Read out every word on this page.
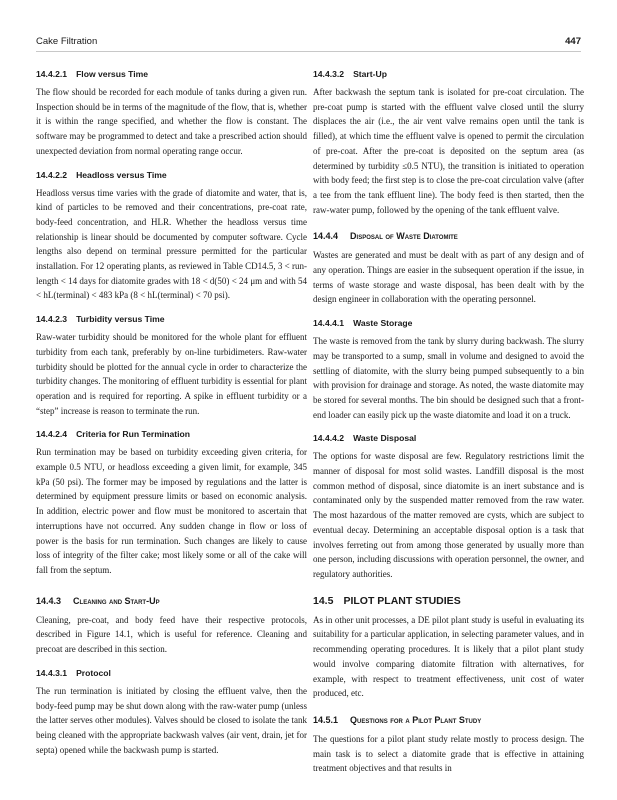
Cake Filtration	447
14.4.2.1 Flow versus Time

The flow should be recorded for each module of tanks during a given run. Inspection should be in terms of the magnitude of the flow, that is, whether it is within the range specified, and whether the flow is constant. The software may be programmed to detect and take a prescribed action should unexpected deviation from normal operating range occur.

14.4.2.2 Headloss versus Time

Headloss versus time varies with the grade of diatomite and water, that is, kind of particles to be removed and their concentrations, pre-coat rate, body-feed concentration, and HLR. Whether the headloss versus time relationship is linear should be documented by computer software. Cycle lengths also depend on terminal pressure permitted for the particular installation. For 12 operating plants, as reviewed in Table CD14.5, 3 < run-length < 14 days for diatomite grades with 18 < d(50) < 24 μm and with 54 < hL(terminal) < 483 kPa (8 < hL(terminal) < 70 psi).

14.4.2.3 Turbidity versus Time

Raw-water turbidity should be monitored for the whole plant for effluent turbidity from each tank, preferably by on-line turbidimeters. Raw-water turbidity should be plotted for the annual cycle in order to characterize the turbidity changes. The monitoring of effluent turbidity is essential for plant operation and is required for reporting. A spike in effluent turbidity or a “step” increase is reason to terminate the run.

14.4.2.4 Criteria for Run Termination

Run termination may be based on turbidity exceeding given criteria, for example 0.5 NTU, or headloss exceeding a given limit, for example, 345 kPa (50 psi). The former may be imposed by regulations and the latter is determined by equipment pressure limits or based on economic analysis. In addition, electric power and flow must be monitored to ascertain that interruptions have not occurred. Any sudden change in flow or loss of power is the basis for run termination. Such changes are likely to cause loss of integrity of the filter cake; most likely some or all of the cake will fall from the septum.

14.4.3 Cleaning and Start-Up

Cleaning, pre-coat, and body feed have their respective protocols, described in Figure 14.1, which is useful for reference. Cleaning and precoat are described in this section.

14.4.3.1 Protocol

The run termination is initiated by closing the effluent valve, then the body-feed pump may be shut down along with the raw-water pump (unless the latter serves other modules). Valves should be closed to isolate the tank being cleaned with the appropriate backwash valves (air vent, drain, jet for septa) opened while the backwash pump is started.

14.4.3.2 Start-Up

After backwash the septum tank is isolated for pre-coat circulation. The pre-coat pump is started with the effluent valve closed until the slurry displaces the air (i.e., the air vent valve remains open until the tank is filled), at which time the effluent valve is opened to permit the circulation of pre-coat. After the pre-coat is deposited on the septum area (as determined by turbidity ≤0.5 NTU), the transition is initiated to operation with body feed; the first step is to close the pre-coat circulation valve (after a tee from the tank effluent line). The body feed is then started, then the raw-water pump, followed by the opening of the tank effluent valve.

14.4.4 Disposal of Waste Diatomite

Wastes are generated and must be dealt with as part of any design and of any operation. Things are easier in the subsequent operation if the issue, in terms of waste storage and waste disposal, has been dealt with by the design engineer in collaboration with the operating personnel.

14.4.4.1 Waste Storage

The waste is removed from the tank by slurry during backwash. The slurry may be transported to a sump, small in volume and designed to avoid the settling of diatomite, with the slurry being pumped subsequently to a bin with provision for drainage and storage. As noted, the waste diatomite may be stored for several months. The bin should be designed such that a front-end loader can easily pick up the waste diatomite and load it on a truck.

14.4.4.2 Waste Disposal

The options for waste disposal are few. Regulatory restrictions limit the manner of disposal for most solid wastes. Landfill disposal is the most common method of disposal, since diatomite is an inert substance and is contaminated only by the suspended matter removed from the raw water. The most hazardous of the matter removed are cysts, which are subject to eventual decay. Determining an acceptable disposal option is a task that involves ferreting out from among those generated by usually more than one person, including discussions with operation personnel, the owner, and regulatory authorities.

14.5 PILOT PLANT STUDIES

As in other unit processes, a DE pilot plant study is useful in evaluating its suitability for a particular application, in selecting parameter values, and in recommending operating procedures. It is likely that a pilot plant study would involve comparing diatomite filtration with alternatives, for example, with respect to treatment effectiveness, unit cost of water produced, etc.

14.5.1 Questions for a Pilot Plant Study

The questions for a pilot plant study relate mostly to process design. The main task is to select a diatomite grade that is effective in attaining treatment objectives and that results in
